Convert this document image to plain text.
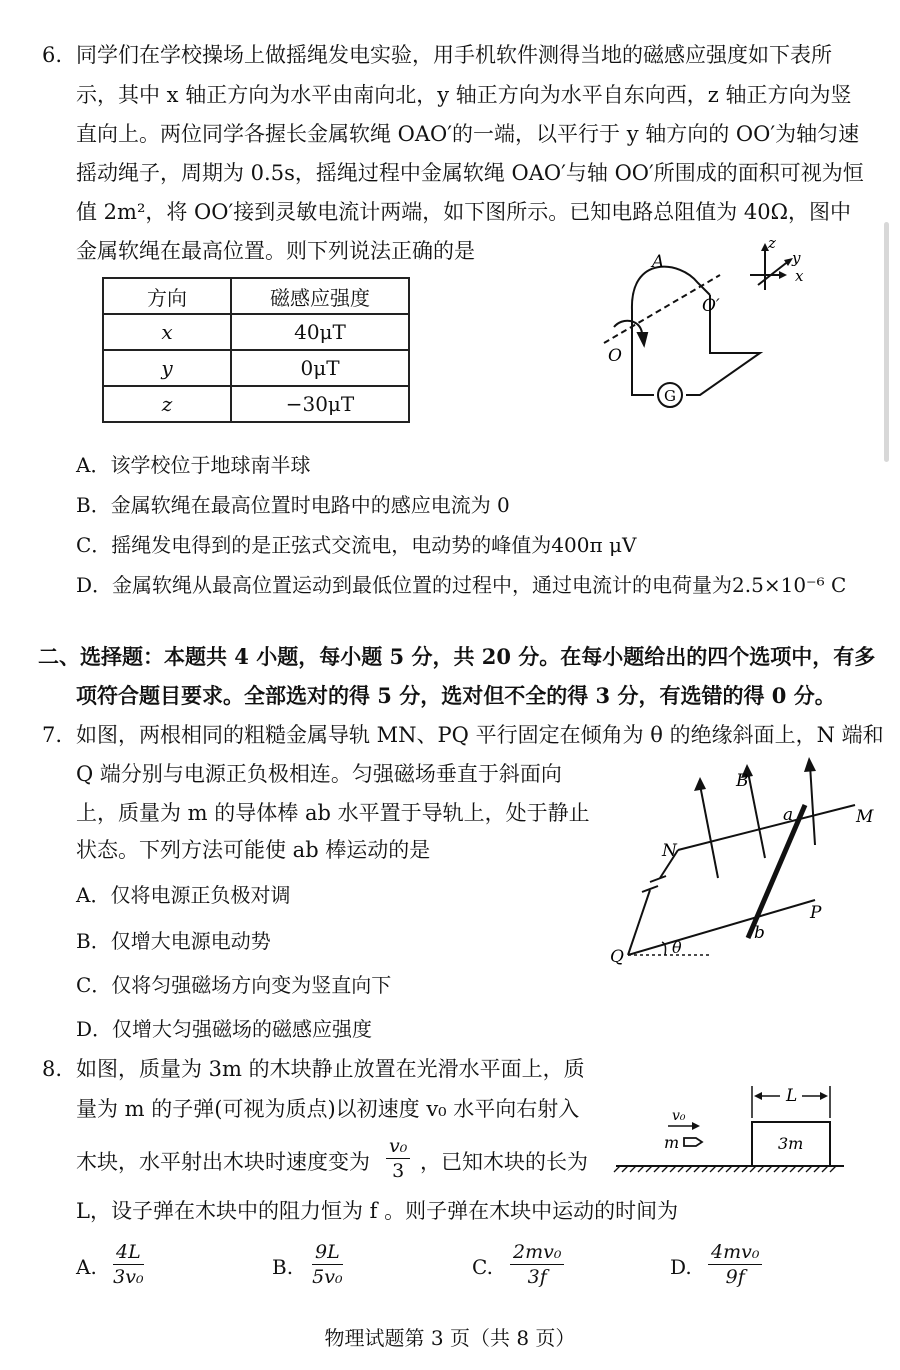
6. 同学们在学校操场上做摇绳发电实验，用手机软件测得当地的磁感应强度如下表所
示，其中 x 轴正方向为水平由南向北，y 轴正方向为水平自东向西，z 轴正方向为竖
直向上。两位同学各握长金属软绳 OAO′的一端，以平行于 y 轴方向的 OO′为轴匀速
摇动绳子，周期为 0.5s，摇绳过程中金属软绳 OAO′与轴 OO′所围成的面积可视为恒
值 2m²，将 OO′接到灵敏电流计两端，如下图所示。已知电路总阻值为 40Ω，图中
金属软绳在最高位置。则下列说法正确的是
方向	磁感应强度
x	40μT
y	0μT
z	−30μT
A
O
O′
G
x
y
z
A．该学校位于地球南半球
B．金属软绳在最高位置时电路中的感应电流为 0
C．摇绳发电得到的是正弦式交流电，电动势的峰值为400π μV
D．金属软绳从最高位置运动到最低位置的过程中，通过电流计的电荷量为2.5×10⁻⁶ C
二、选择题：本题共 4 小题，每小题 5 分，共 20 分。在每小题给出的四个选项中，有多
项符合题目要求。全部选对的得 5 分，选对但不全的得 3 分，有选错的得 0 分。
7. 如图，两根相同的粗糙金属导轨 MN、PQ 平行固定在倾角为 θ 的绝缘斜面上，N 端和
Q 端分别与电源正负极相连。匀强磁场垂直于斜面向
上，质量为 m 的导体棒 ab 水平置于导轨上，处于静止
状态。下列方法可能使 ab 棒运动的是
B
a	M
N
P
b
Q	θ
A．仅将电源正负极对调
B．仅增大电源电动势
C．仅将匀强磁场方向变为竖直向下
D．仅增大匀强磁场的磁感应强度
8. 如图，质量为 3m 的木块静止放置在光滑水平面上，质
量为 m 的子弹(可视为质点)以初速度 v₀ 水平向右射入
木块，水平射出木块时速度变为 $\frac{\text{v₀}}{3}$ ，已知木块的长为
L，设子弹在木块中的阻力恒为 f 。则子弹在木块中运动的时间为
L
3m
m
v₀
A. $\frac{4L}{\text{3v₀}}$	B. $\frac{9L}{\text{5v₀}}$	C. $\frac{\text{2mv₀}}{3f}$	D. $\frac{\text{4mv₀}}{9f}$
物理试题第 3 页（共 8 页）
